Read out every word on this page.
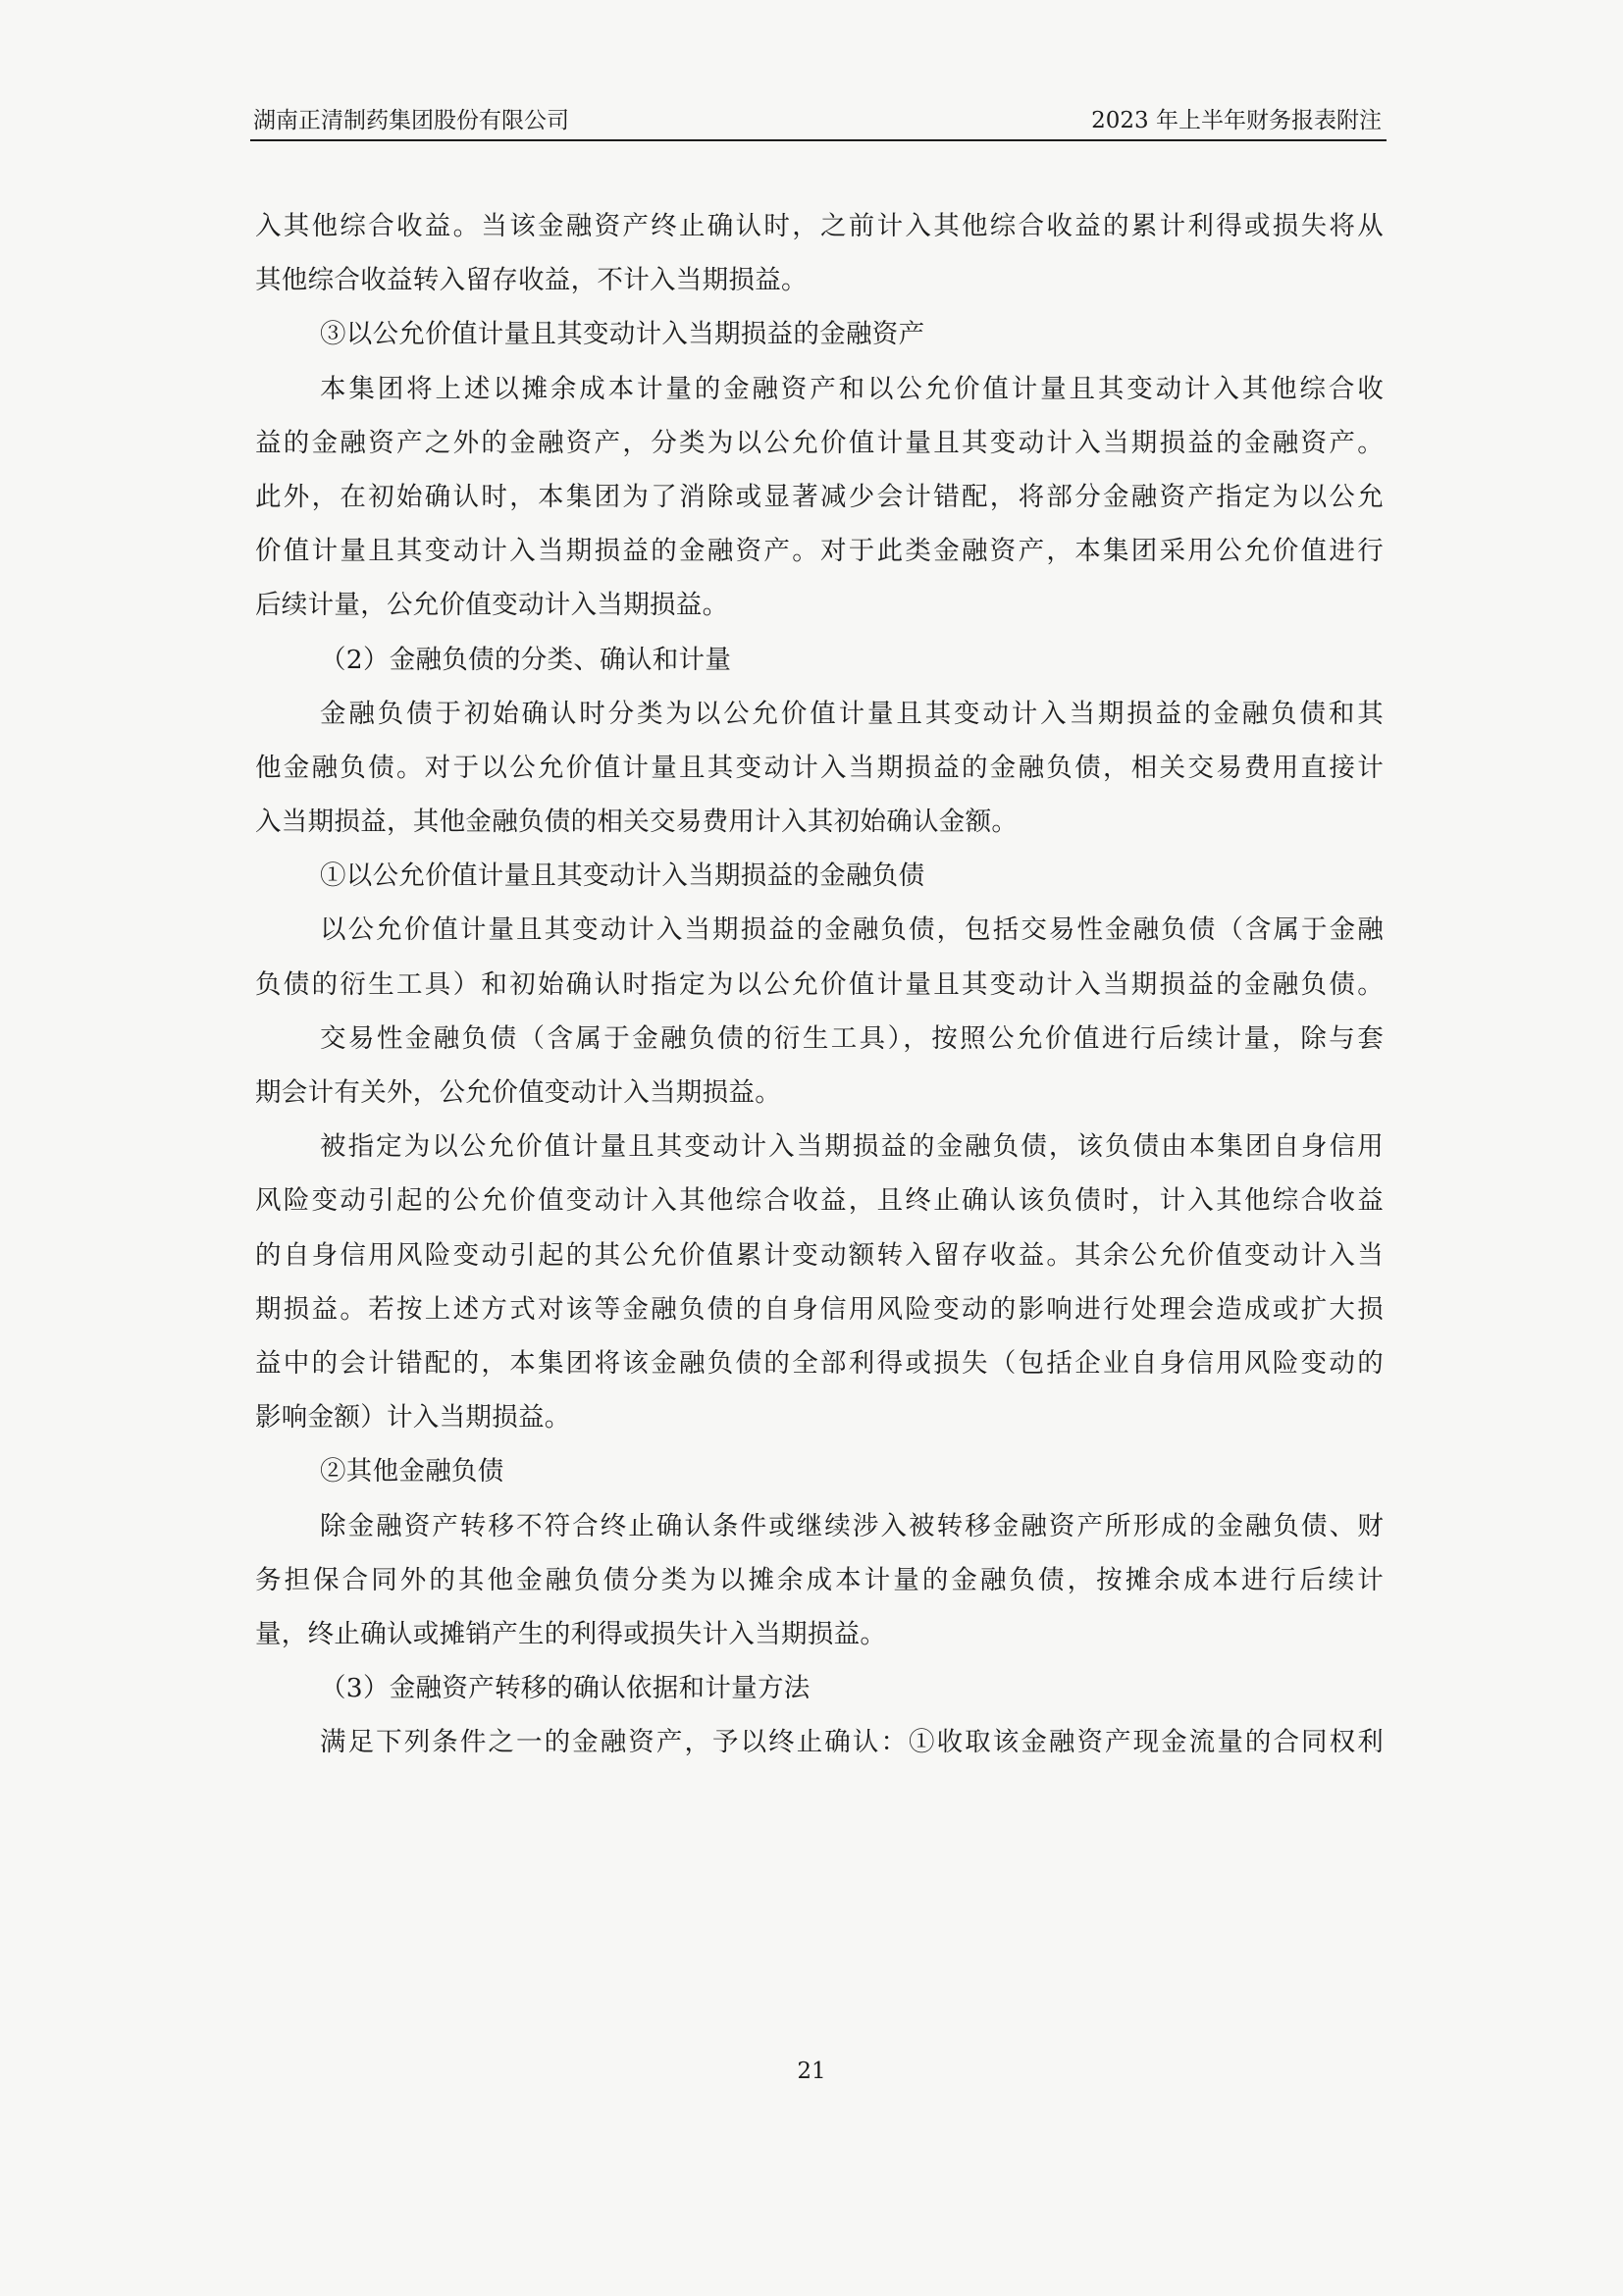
湖南正清制药集团股份有限公司	2023 年上半年财务报表附注
入其他综合收益。当该金融资产终止确认时，之前计入其他综合收益的累计利得或损失将从
其他综合收益转入留存收益，不计入当期损益。
③以公允价值计量且其变动计入当期损益的金融资产
本集团将上述以摊余成本计量的金融资产和以公允价值计量且其变动计入其他综合收
益的金融资产之外的金融资产，分类为以公允价值计量且其变动计入当期损益的金融资产。
此外，在初始确认时，本集团为了消除或显著减少会计错配，将部分金融资产指定为以公允
价值计量且其变动计入当期损益的金融资产。对于此类金融资产，本集团采用公允价值进行
后续计量，公允价值变动计入当期损益。
（2）金融负债的分类、确认和计量
金融负债于初始确认时分类为以公允价值计量且其变动计入当期损益的金融负债和其
他金融负债。对于以公允价值计量且其变动计入当期损益的金融负债，相关交易费用直接计
入当期损益，其他金融负债的相关交易费用计入其初始确认金额。
①以公允价值计量且其变动计入当期损益的金融负债
以公允价值计量且其变动计入当期损益的金融负债，包括交易性金融负债（含属于金融
负债的衍生工具）和初始确认时指定为以公允价值计量且其变动计入当期损益的金融负债。
交易性金融负债（含属于金融负债的衍生工具），按照公允价值进行后续计量，除与套
期会计有关外，公允价值变动计入当期损益。
被指定为以公允价值计量且其变动计入当期损益的金融负债，该负债由本集团自身信用
风险变动引起的公允价值变动计入其他综合收益，且终止确认该负债时，计入其他综合收益
的自身信用风险变动引起的其公允价值累计变动额转入留存收益。其余公允价值变动计入当
期损益。若按上述方式对该等金融负债的自身信用风险变动的影响进行处理会造成或扩大损
益中的会计错配的，本集团将该金融负债的全部利得或损失（包括企业自身信用风险变动的
影响金额）计入当期损益。
②其他金融负债
除金融资产转移不符合终止确认条件或继续涉入被转移金融资产所形成的金融负债、财
务担保合同外的其他金融负债分类为以摊余成本计量的金融负债，按摊余成本进行后续计
量，终止确认或摊销产生的利得或损失计入当期损益。
（3）金融资产转移的确认依据和计量方法
满足下列条件之一的金融资产，予以终止确认：①收取该金融资产现金流量的合同权利
21
